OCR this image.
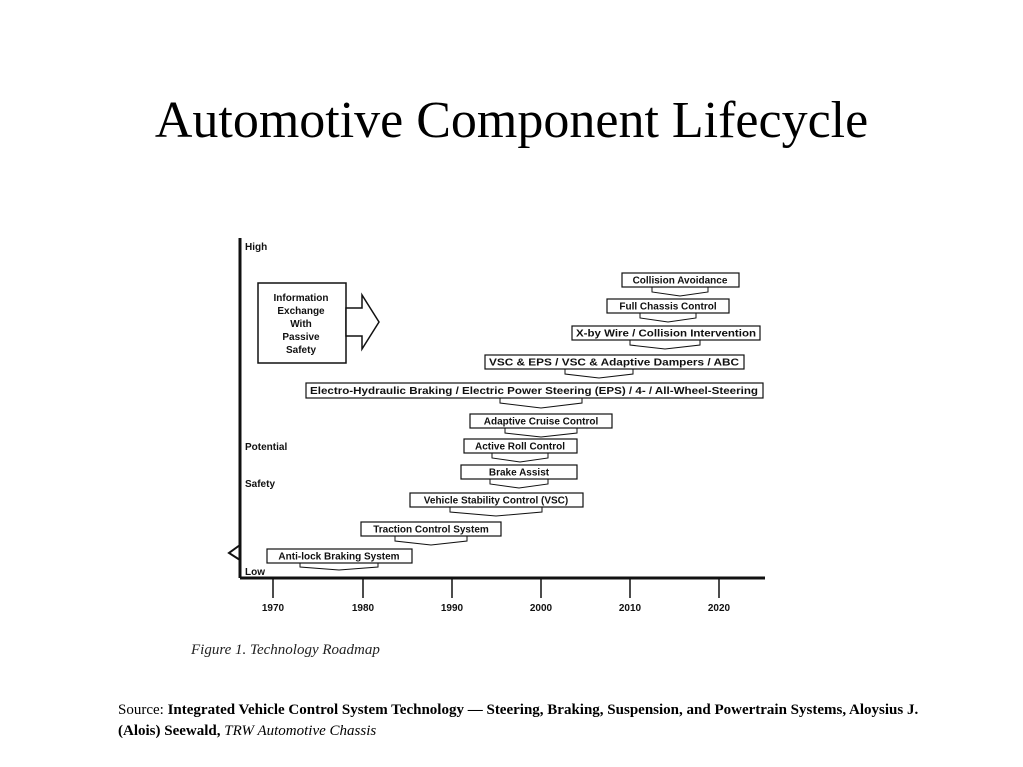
Automotive Component Lifecycle
High
Potential
Safety
Low
1970	1980	1990	2000	2010	2020
Information
Exchange
With
Passive
Safety
Anti-lock Braking System
Traction Control System
Vehicle Stability Control (VSC)
Brake Assist
Active Roll Control
Adaptive Cruise Control
Electro-Hydraulic Braking / Electric Power Steering (EPS) / 4- / All-Wheel-Steering
VSC & EPS / VSC & Adaptive Dampers / ABC
X-by Wire / Collision Intervention
Full Chassis Control
Collision Avoidance
Figure 1. Technology Roadmap
Source: Integrated Vehicle Control System Technology — Steering, Braking, Suspension, and Powertrain Systems, Aloysius J. (Alois) Seewald, TRW Automotive Chassis
